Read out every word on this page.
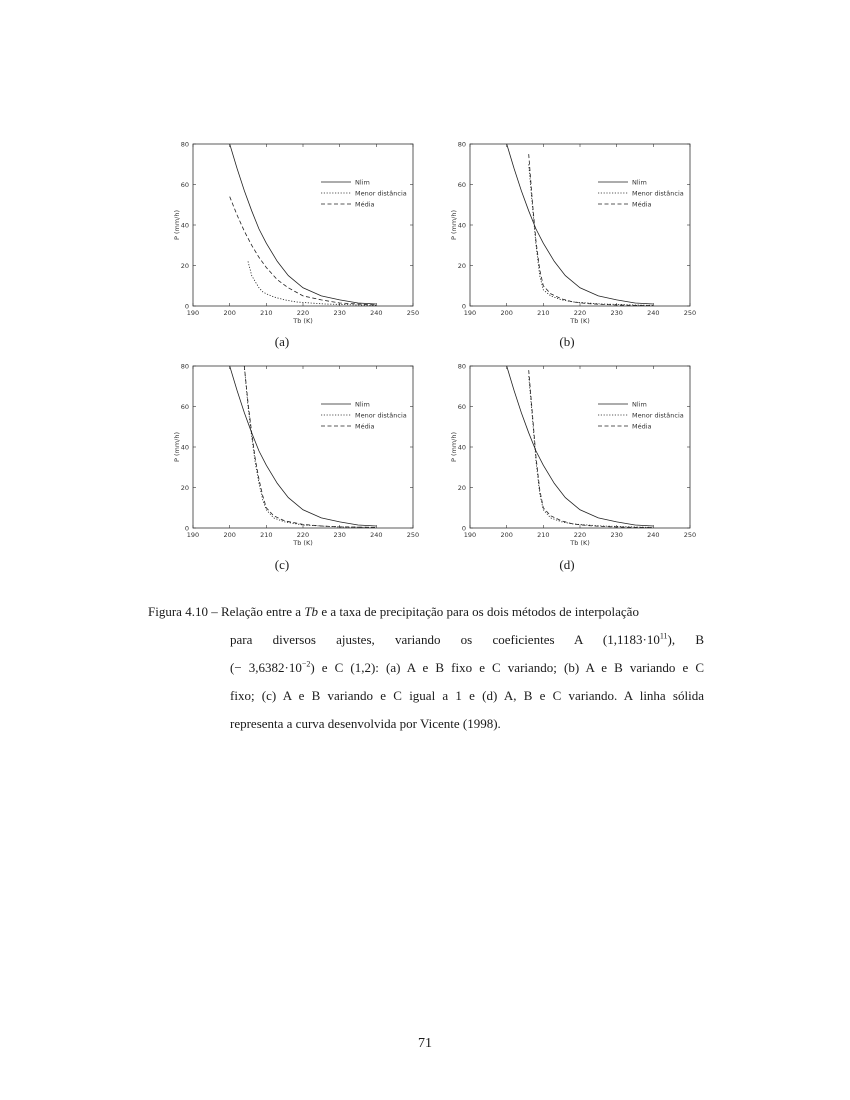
190	200	210	220	230	240	250
0
20
40
60
80
Tb (K)
P (mm/h)
Nlim
Menor distância
Média
(a)
190	200	210	220	230	240	250
0
20
40
60
80
Tb (K)
P (mm/h)
Nlim
Menor distância
Média
(b)
190	200	210	220	230	240	250
0
20
40
60
80
Tb (K)
P (mm/h)
Nlim
Menor distância
Média
(c)
190	200	210	220	230	240	250
0
20
40
60
80
Tb (K)
P (mm/h)
Nlim
Menor distância
Média
(d)
Figura 4.10 – Relação entre a Tb e a taxa de precipitação para os dois métodos de interpolação
para diversos ajustes, variando os coeficientes A $(1,1183\cdot 10^{11})$, B
(− $3,6382\cdot 10^{-2}$) e C (1,2): (a) A e B fixo e C variando; (b) A e B variando e C
fixo; (c) A e B variando e C igual a 1 e (d) A, B e C variando. A linha sólida
representa a curva desenvolvida por Vicente (1998).
71
